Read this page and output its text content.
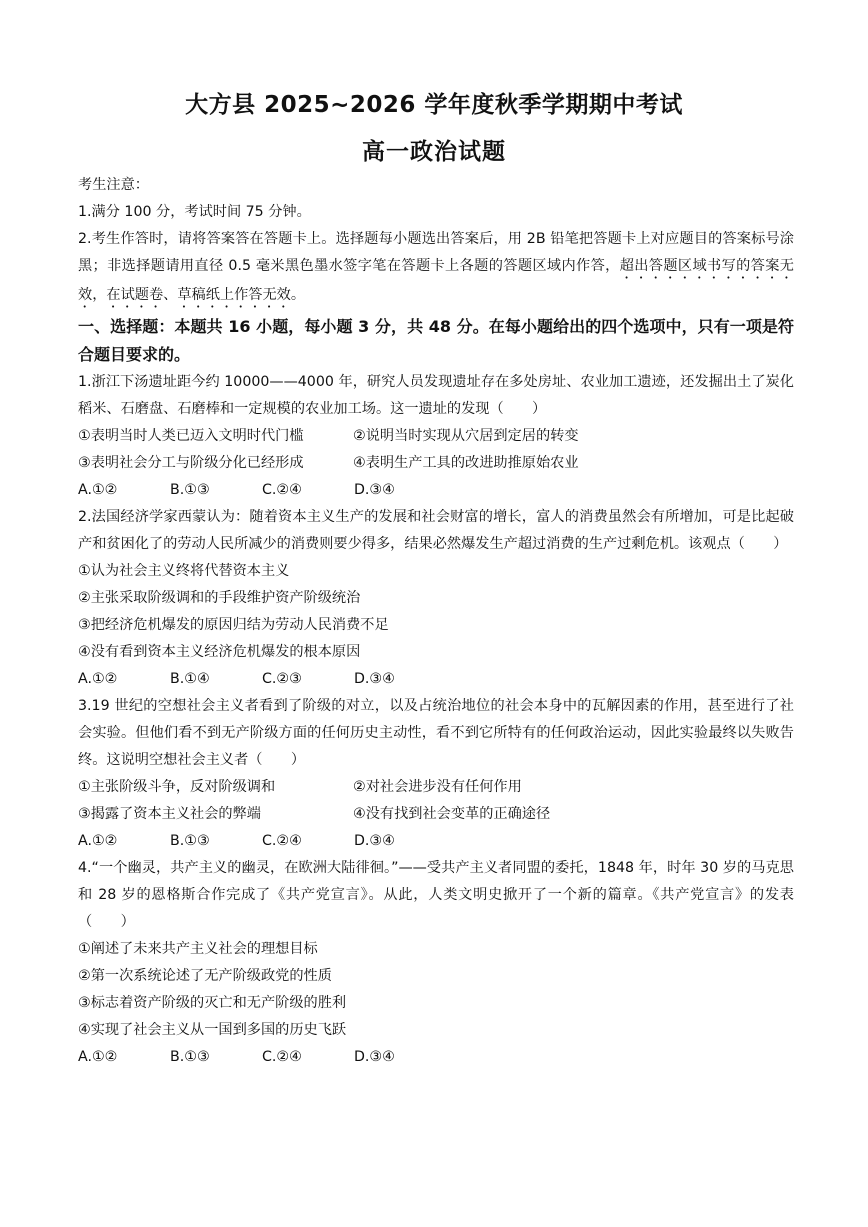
大方县 2025~2026 学年度秋季学期期中考试
高一政治试题

考生注意：

1.满分 100 分，考试时间 75 分钟。

2.考生作答时，请将答案答在答题卡上。选择题每小题选出答案后，用 2B 铅笔把答题卡上对应题目的答案标号涂黑；非选择题请用直径 0.5 毫米黑色墨水签字笔在答题卡上各题的答题区域内作答，超出答题区域书写的答案无效，在试题卷、草稿纸上作答无效。

一、选择题：本题共 16 小题，每小题 3 分，共 48 分。在每小题给出的四个选项中，只有一项是符合题目要求的。

1.浙江下汤遗址距今约 10000——4000 年，研究人员发现遗址存在多处房址、农业加工遗迹，还发掘出土了炭化稻米、石磨盘、石磨棒和一定规模的农业加工场。这一遗址的发现（　　）

①表明当时人类已迈入文明时代门槛	②说明当时实现从穴居到定居的转变

③表明社会分工与阶级分化已经形成	④表明生产工具的改进助推原始农业

A.①②	B.①③	C.②④	D.③④

2.法国经济学家西蒙认为：随着资本主义生产的发展和社会财富的增长，富人的消费虽然会有所增加，可是比起破产和贫困化了的劳动人民所减少的消费则要少得多，结果必然爆发生产超过消费的生产过剩危机。该观点（　　）

①认为社会主义终将代替资本主义

②主张采取阶级调和的手段维护资产阶级统治

③把经济危机爆发的原因归结为劳动人民消费不足

④没有看到资本主义经济危机爆发的根本原因

A.①②	B.①④	C.②③	D.③④

3.19 世纪的空想社会主义者看到了阶级的对立，以及占统治地位的社会本身中的瓦解因素的作用，甚至进行了社会实验。但他们看不到无产阶级方面的任何历史主动性，看不到它所特有的任何政治运动，因此实验最终以失败告终。这说明空想社会主义者（　　）

①主张阶级斗争，反对阶级调和	②对社会进步没有任何作用

③揭露了资本主义社会的弊端	④没有找到社会变革的正确途径

A.①②	B.①③	C.②④	D.③④

4.“一个幽灵，共产主义的幽灵，在欧洲大陆徘徊。”——受共产主义者同盟的委托，1848 年，时年 30 岁的马克思和 28 岁的恩格斯合作完成了《共产党宣言》。从此，人类文明史掀开了一个新的篇章。《共产党宣言》的发表（　　）

①阐述了未来共产主义社会的理想目标

②第一次系统论述了无产阶级政党的性质

③标志着资产阶级的灭亡和无产阶级的胜利

④实现了社会主义从一国到多国的历史飞跃

A.①②	B.①③	C.②④	D.③④
